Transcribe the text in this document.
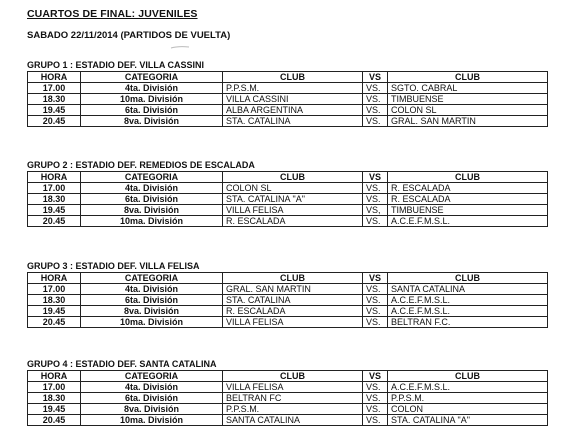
CUARTOS DE FINAL: JUVENILES
SABADO 22/11/2014 (PARTIDOS DE VUELTA)
GRUPO 1 : ESTADIO DEF. VILLA CASSINI
HORA	CATEGORIA	CLUB	VS	CLUB
17.00	4ta. División	P.P.S.M.	VS.	SGTO. CABRAL
18.30	10ma. División	VILLA CASSINI	VS.	TIMBUENSE
19.45	6ta. División	ALBA ARGENTINA	VS.	COLON SL
20.45	8va. División	STA. CATALINA	VS.	GRAL. SAN MARTIN
GRUPO 2 : ESTADIO DEF. REMEDIOS DE ESCALADA
HORA	CATEGORIA	CLUB	VS	CLUB
17.00	4ta. División	COLON SL	VS.	R. ESCALADA
18.30	6ta. División	STA. CATALINA "A"	VS.	R. ESCALADA
19.45	8va. División	VILLA FELISA	VS,	TIMBUENSE
20.45	10ma. División	R. ESCALADA	VS.	A.C.E.F.M.S.L.
GRUPO 3 : ESTADIO DEF. VILLA FELISA
HORA	CATEGORIA	CLUB	VS	CLUB
17.00	4ta. División	GRAL. SAN MARTIN	VS.	SANTA CATALINA
18.30	6ta. División	STA. CATALINA	VS.	A.C.E.F.M.S.L.
19.45	8va. División	R. ESCALADA	VS.	A.C.E.F.M.S.L.
20.45	10ma. División	VILLA FELISA	VS.	BELTRAN F.C.
GRUPO 4 : ESTADIO DEF. SANTA CATALINA
HORA	CATEGORIA	CLUB	VS	CLUB
17.00	4ta. División	VILLA FELISA	VS.	A.C.E.F.M.S.L.
18.30	6ta. División	BELTRAN FC	VS.	P.P.S.M.
19.45	8va. División	P.P.S.M.	VS.	COLON
20.45	10ma. División	SANTA CATALINA	VS.	STA. CATALINA "A"
